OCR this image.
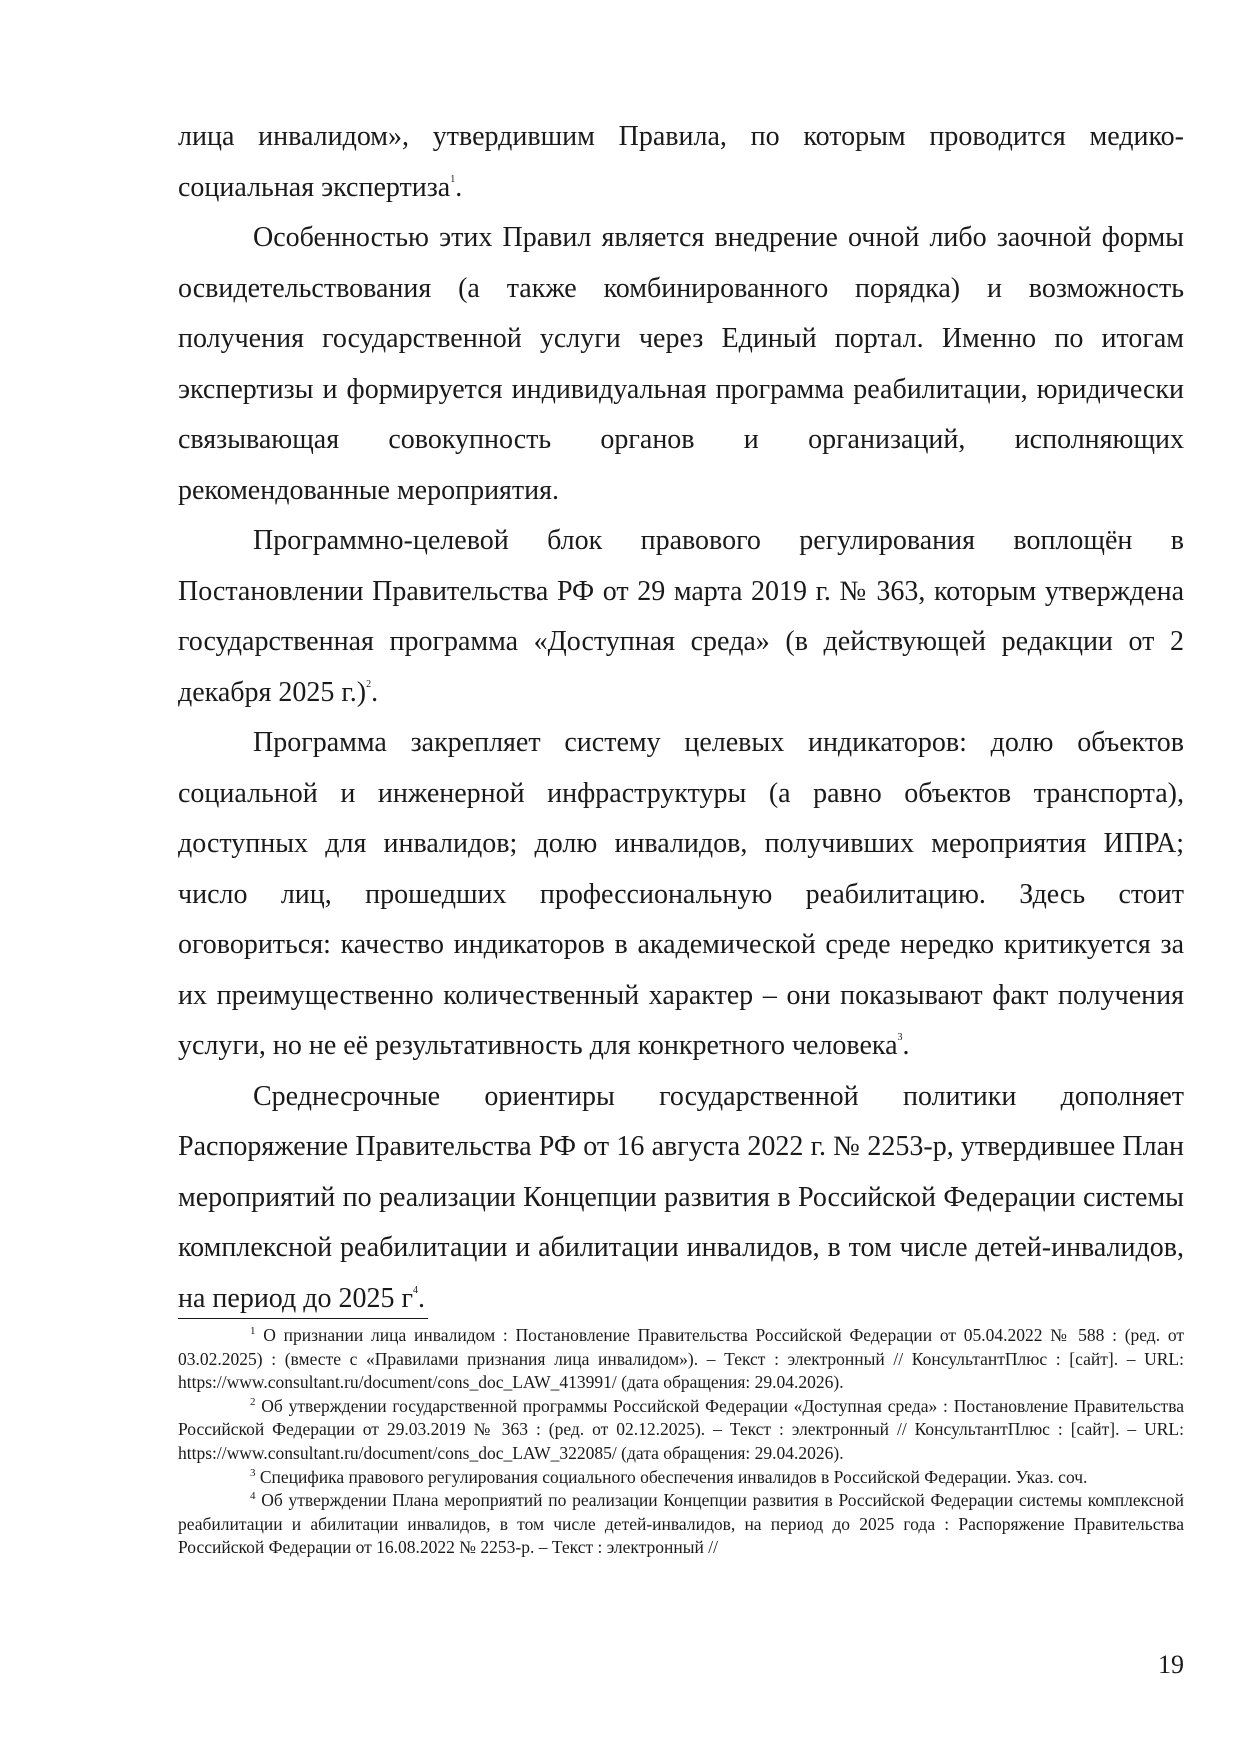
лица инвалидом», утвердившим Правила, по которым проводится медико-социальная экспертиза$^1$.

Особенностью этих Правил является внедрение очной либо заочной формы освидетельствования (а также комбинированного порядка) и возможность получения государственной услуги через Единый портал. Именно по итогам экспертизы и формируется индивидуальная программа реабилитации, юридически связывающая совокупность органов и организаций, исполняющих рекомендованные мероприятия.

Программно-целевой блок правового регулирования воплощён в Постановлении Правительства РФ от 29 марта 2019 г. № 363, которым утверждена государственная программа «Доступная среда» (в действующей редакции от 2 декабря 2025 г.)$^2$.

Программа закрепляет систему целевых индикаторов: долю объектов социальной и инженерной инфраструктуры (а равно объектов транспорта), доступных для инвалидов; долю инвалидов, получивших мероприятия ИПРА; число лиц, прошедших профессиональную реабилитацию. Здесь стоит оговориться: качество индикаторов в академической среде нередко критикуется за их преимущественно количественный характер – они показывают факт получения услуги, но не её результативность для конкретного человека$^3$.

Среднесрочные ориентиры государственной политики дополняет Распоряжение Правительства РФ от 16 августа 2022 г. № 2253-р, утвердившее План мероприятий по реализации Концепции развития в Российской Федерации системы комплексной реабилитации и абилитации инвалидов, в том числе детей-инвалидов, на период до 2025 г$^4$.

$^1$ О признании лица инвалидом : Постановление Правительства Российской Федерации от 05.04.2022 № 588 : (ред. от 03.02.2025) : (вместе с «Правилами признания лица инвалидом»). – Текст : электронный // КонсультантПлюс : [сайт]. – URL: https://www.consultant.ru/document/cons_doc_LAW_413991/ (дата обращения: 29.04.2026).

$^2$ Об утверждении государственной программы Российской Федерации «Доступная среда» : Постановление Правительства Российской Федерации от 29.03.2019 № 363 : (ред. от 02.12.2025). – Текст : электронный // КонсультантПлюс : [сайт]. – URL: https://www.consultant.ru/document/cons_doc_LAW_322085/ (дата обращения: 29.04.2026).

$^3$ Специфика правового регулирования социального обеспечения инвалидов в Российской Федерации. Указ. соч.

$^4$ Об утверждении Плана мероприятий по реализации Концепции развития в Российской Федерации системы комплексной реабилитации и абилитации инвалидов, в том числе детей-инвалидов, на период до 2025 года : Распоряжение Правительства Российской Федерации от 16.08.2022 № 2253-р. – Текст : электронный //

19
